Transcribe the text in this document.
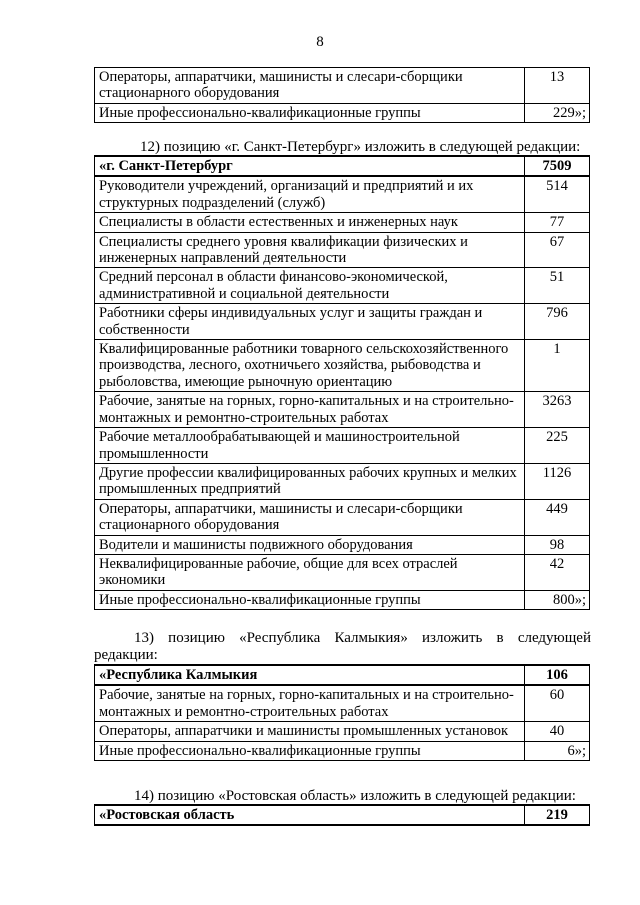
8
Операторы, аппаратчики, машинисты и слесари-сборщики стационарного оборудования	13
Иные профессионально-квалификационные группы	229»;
12) позицию «г. Санкт-Петербург» изложить в следующей редакции:
«г. Санкт-Петербург	7509
Руководители учреждений, организаций и предприятий и их структурных подразделений (служб)	514
Специалисты в области естественных и инженерных наук	77
Специалисты среднего уровня квалификации физических и инженерных направлений деятельности	67
Средний персонал в области финансово-экономической, административной и социальной деятельности	51
Работники сферы индивидуальных услуг и защиты граждан и собственности	796
Квалифицированные работники товарного сельскохозяйственного производства, лесного, охотничьего хозяйства, рыбоводства и рыболовства, имеющие рыночную ориентацию	1
Рабочие, занятые на горных, горно-капитальных и на строительно-монтажных и ремонтно-строительных работах	3263
Рабочие металлообрабатывающей и машиностроительной промышленности	225
Другие профессии квалифицированных рабочих крупных и мелких промышленных предприятий	1126
Операторы, аппаратчики, машинисты и слесари-сборщики стационарного оборудования	449
Водители и машинисты подвижного оборудования	98
Неквалифицированные рабочие, общие для всех отраслей экономики	42
Иные профессионально-квалификационные группы	800»;
13) позицию «Республика Калмыкия» изложить в следующей
редакции:
«Республика Калмыкия	106
Рабочие, занятые на горных, горно-капитальных и на строительно-монтажных и ремонтно-строительных работах	60
Операторы, аппаратчики и машинисты промышленных установок	40
Иные профессионально-квалификационные группы	6»;
14) позицию «Ростовская область» изложить в следующей редакции:
«Ростовская область	219
